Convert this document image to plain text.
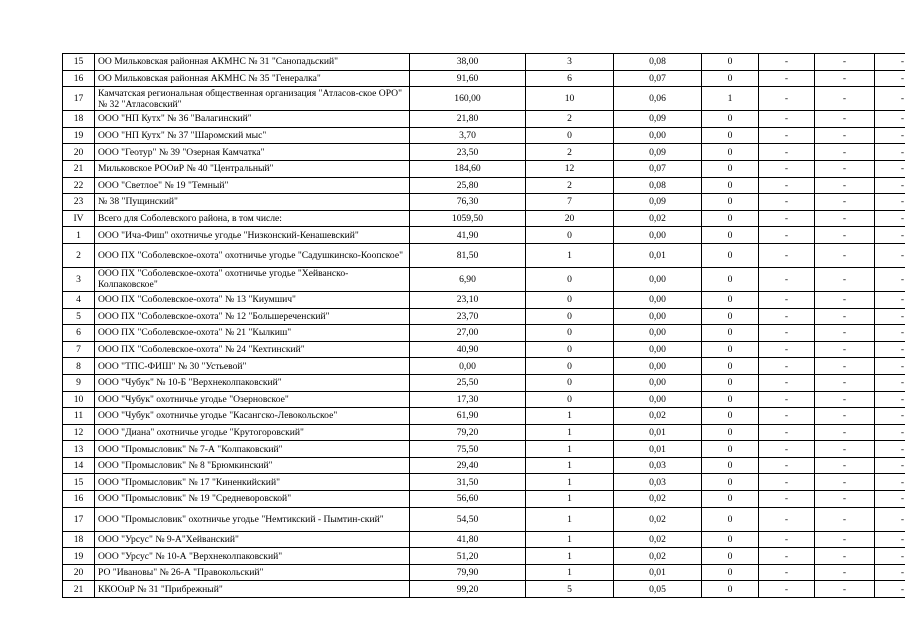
15	ОО Мильковская районная АКМНС № 31 "Санопадьский"	38,00	3	0,08	0	-	-	-
16	ОО Мильковская районная АКМНС № 35 "Генералка"	91,60	6	0,07	0	-	-	-
17	Камчатская региональная общественная организация "Атласов-ское ОРО" № 32 "Атласовский"	160,00	10	0,06	1	-	-	-
18	ООО "НП Кутх" № 36 "Валагинский"	21,80	2	0,09	0	-	-	-
19	ООО "НП Кутх" № 37 "Шаромский мыс"	3,70	0	0,00	0	-	-	-
20	ООО "Геотур" № 39 "Озерная Камчатка"	23,50	2	0,09	0	-	-	-
21	Мильковское РООиР № 40 "Центральный"	184,60	12	0,07	0	-	-	-
22	ООО "Светлое" № 19 "Темный"	25,80	2	0,08	0	-	-	-
23	№ 38 "Пущинский"	76,30	7	0,09	0	-	-	-
IV	Всего для Соболевского района, в том числе:	1059,50	20	0,02	0	-	-	-
1	ООО "Ича-Фиш" охотничье угодье "Низконский-Кенашевский"	41,90	0	0,00	0	-	-	-
2	ООО ПХ "Соболевское-охота" охотничье угодье "Садушкинско-Коопское"	81,50	1	0,01	0	-	-	-
3	ООО ПХ "Соболевское-охота" охотничье угодье "Хейванско-Колпаковское"	6,90	0	0,00	0	-	-	-
4	ООО ПХ "Соболевское-охота" № 13 "Киумшич"	23,10	0	0,00	0	-	-	-
5	ООО ПХ "Соболевское-охота" № 12 "Большереченский"	23,70	0	0,00	0	-	-	-
6	ООО ПХ "Соболевское-охота" № 21 "Кылкиш"	27,00	0	0,00	0	-	-	-
7	ООО ПХ "Соболевское-охота" № 24 "Кехтинский"	40,90	0	0,00	0	-	-	-
8	ООО "ТПС-ФИШ" № 30 "Устьевой"	0,00	0	0,00	0	-	-	-
9	ООО "Чубук" № 10-Б "Верхнеколпаковский"	25,50	0	0,00	0	-	-	-
10	ООО "Чубук" охотничье угодье "Озерновское"	17,30	0	0,00	0	-	-	-
11	ООО "Чубук" охотничье угодье "Касангско-Левокольское"	61,90	1	0,02	0	-	-	-
12	ООО "Диана" охотничье угодье "Крутогоровский"	79,20	1	0,01	0	-	-	-
13	ООО "Промысловик" № 7-А "Колпаковский"	75,50	1	0,01	0	-	-	-
14	ООО "Промысловик" № 8 "Брюмкинский"	29,40	1	0,03	0	-	-	-
15	ООО "Промысловик" № 17 "Киненкийский"	31,50	1	0,03	0	-	-	-
16	ООО "Промысловик" № 19 "Средневоровской"	56,60	1	0,02	0	-	-	-
17	ООО "Промысловик" охотничье угодье "Немтикский - Пымтин-ский"	54,50	1	0,02	0	-	-	-
18	ООО "Урсус" № 9-А"Хейванский"	41,80	1	0,02	0	-	-	-
19	ООО "Урсус" № 10-А "Верхнеколпаковский"	51,20	1	0,02	0	-	-	-
20	РО "Ивановы" № 26-А "Правокольский"	79,90	1	0,01	0	-	-	-
21	ККООиР № 31 "Прибрежный"	99,20	5	0,05	0	-	-	-
